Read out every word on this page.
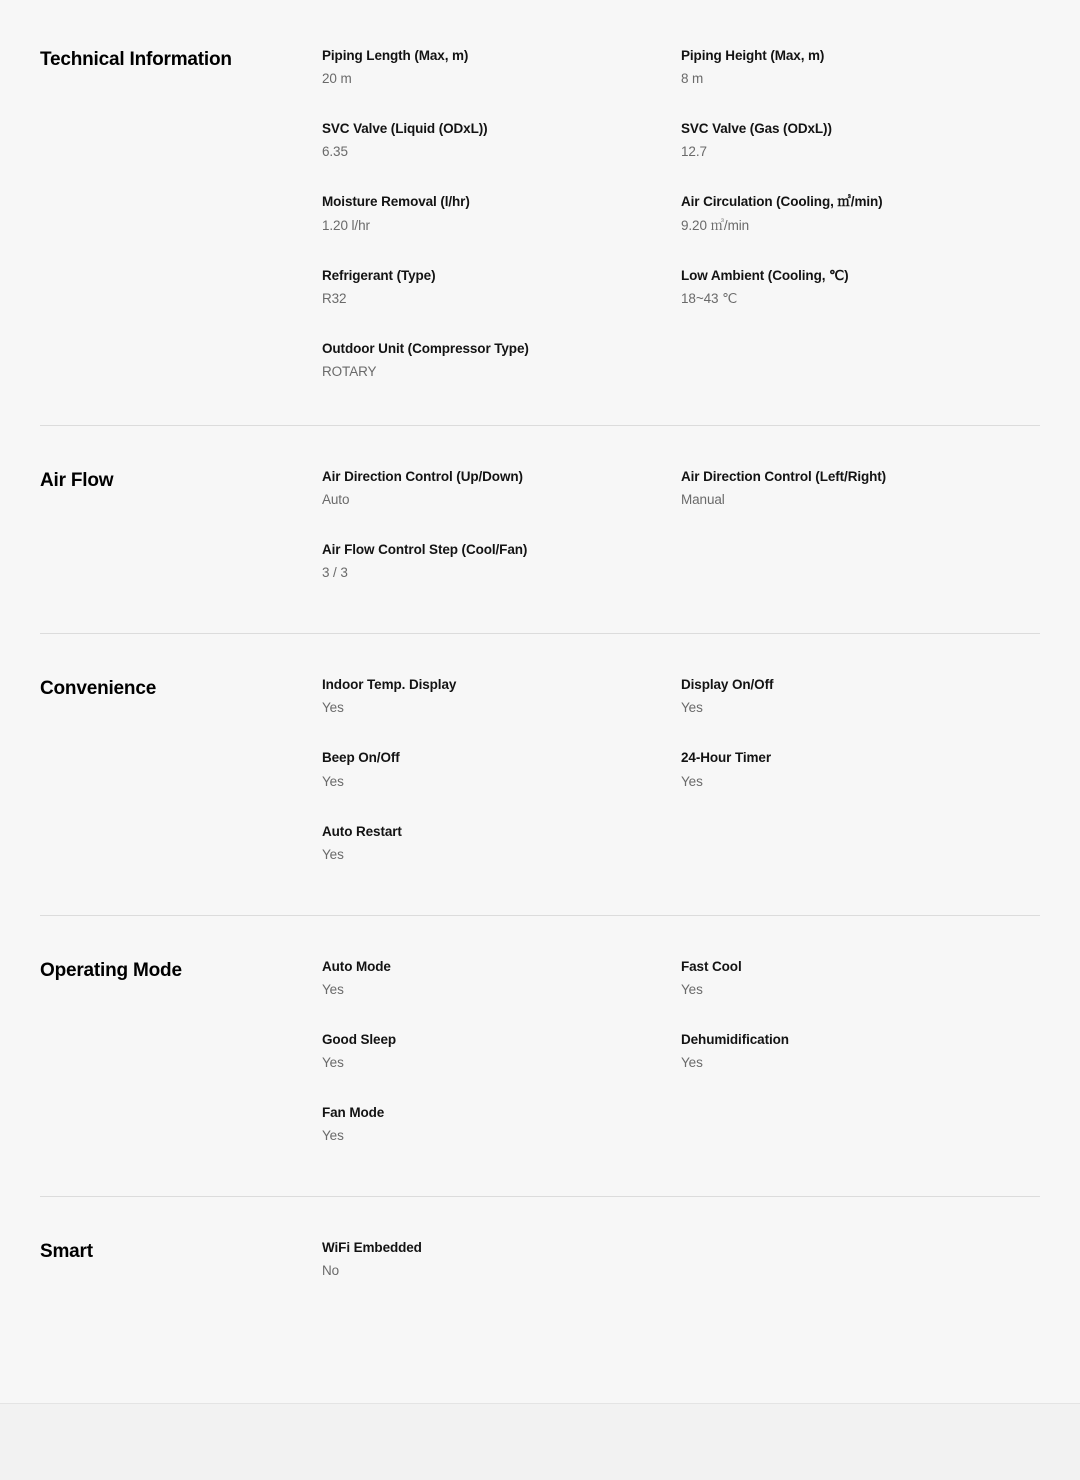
Technical Information	Piping Length (Max, m)
20 m
Piping Height (Max, m)
8 m
SVC Valve (Liquid (ODxL))
6.35
SVC Valve (Gas (ODxL))
12.7
Moisture Removal (l/hr)
1.20 l/hr
Air Circulation (Cooling, ㎥/min)
9.20 ㎥/min
Refrigerant (Type)
R32
Low Ambient (Cooling, ℃)
18~43 ℃
Outdoor Unit (Compressor Type)
ROTARY
Air Flow	Air Direction Control (Up/Down)
Auto
Air Direction Control (Left/Right)
Manual
Air Flow Control Step (Cool/Fan)
3 / 3
Convenience	Indoor Temp. Display
Yes
Display On/Off
Yes
Beep On/Off
Yes
24-Hour Timer
Yes
Auto Restart
Yes
Operating Mode	Auto Mode
Yes
Fast Cool
Yes
Good Sleep
Yes
Dehumidification
Yes
Fan Mode
Yes
Smart	WiFi Embedded
No
